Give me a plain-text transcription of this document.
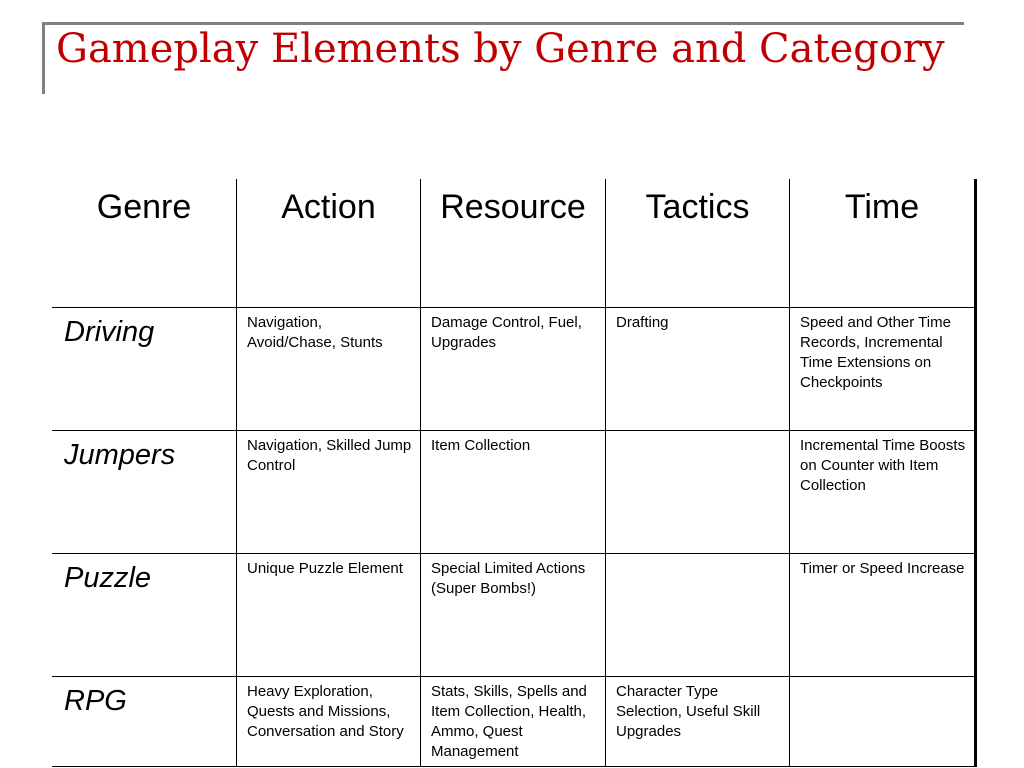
Gameplay Elements by Genre and Category
Genre	Action	Resource	Tactics	Time
Driving	Navigation, Avoid/Chase, Stunts	Damage Control, Fuel, Upgrades	Drafting	Speed and Other Time Records, Incremental Time Extensions on Checkpoints
Jumpers	Navigation, Skilled Jump Control	Item Collection		Incremental Time Boosts on Counter with Item Collection
Puzzle	Unique Puzzle Element	Special Limited Actions (Super Bombs!)		Timer or Speed Increase
RPG	Heavy Exploration, Quests and Missions, Conversation and Story	Stats, Skills, Spells and Item Collection, Health, Ammo, Quest Management	Character Type Selection, Useful Skill Upgrades	
